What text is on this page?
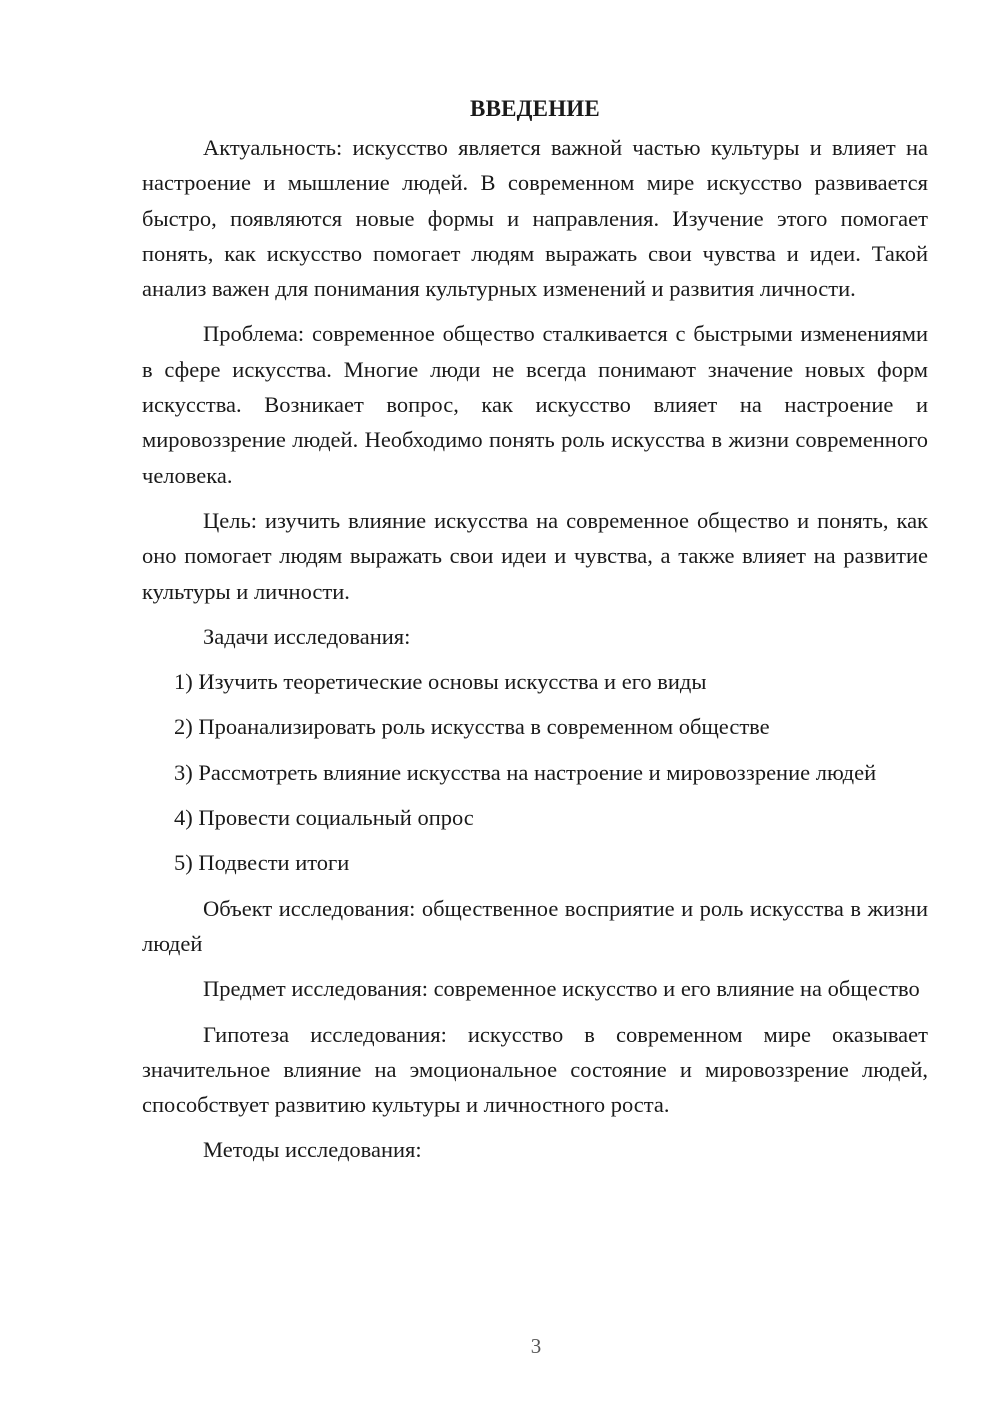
ВВЕДЕНИЕ

Актуальность: искусство является важной частью культуры и влияет на настроение и мышление людей. В современном мире искусство развивается быстро, появляются новые формы и направления. Изучение этого помогает понять, как искусство помогает людям выражать свои чувства и идеи. Такой анализ важен для понимания культурных изменений и развития личности.

Проблема: современное общество сталкивается с быстрыми изменениями в сфере искусства. Многие люди не всегда понимают значение новых форм искусства. Возникает вопрос, как искусство влияет на настроение и мировоззрение людей. Необходимо понять роль искусства в жизни современного человека.

Цель: изучить влияние искусства на современное общество и понять, как оно помогает людям выражать свои идеи и чувства, а также влияет на развитие культуры и личности.

Задачи исследования:

1) Изучить теоретические основы искусства и его виды

2) Проанализировать роль искусства в современном обществе

3) Рассмотреть влияние искусства на настроение и мировоззрение людей

4) Провести социальный опрос

5) Подвести итоги

Объект исследования: общественное восприятие и роль искусства в жизни людей

Предмет исследования: современное искусство и его влияние на общество

Гипотеза исследования: искусство в современном мире оказывает значительное влияние на эмоциональное состояние и мировоззрение людей, способствует развитию культуры и личностного роста.

Методы исследования:

3
